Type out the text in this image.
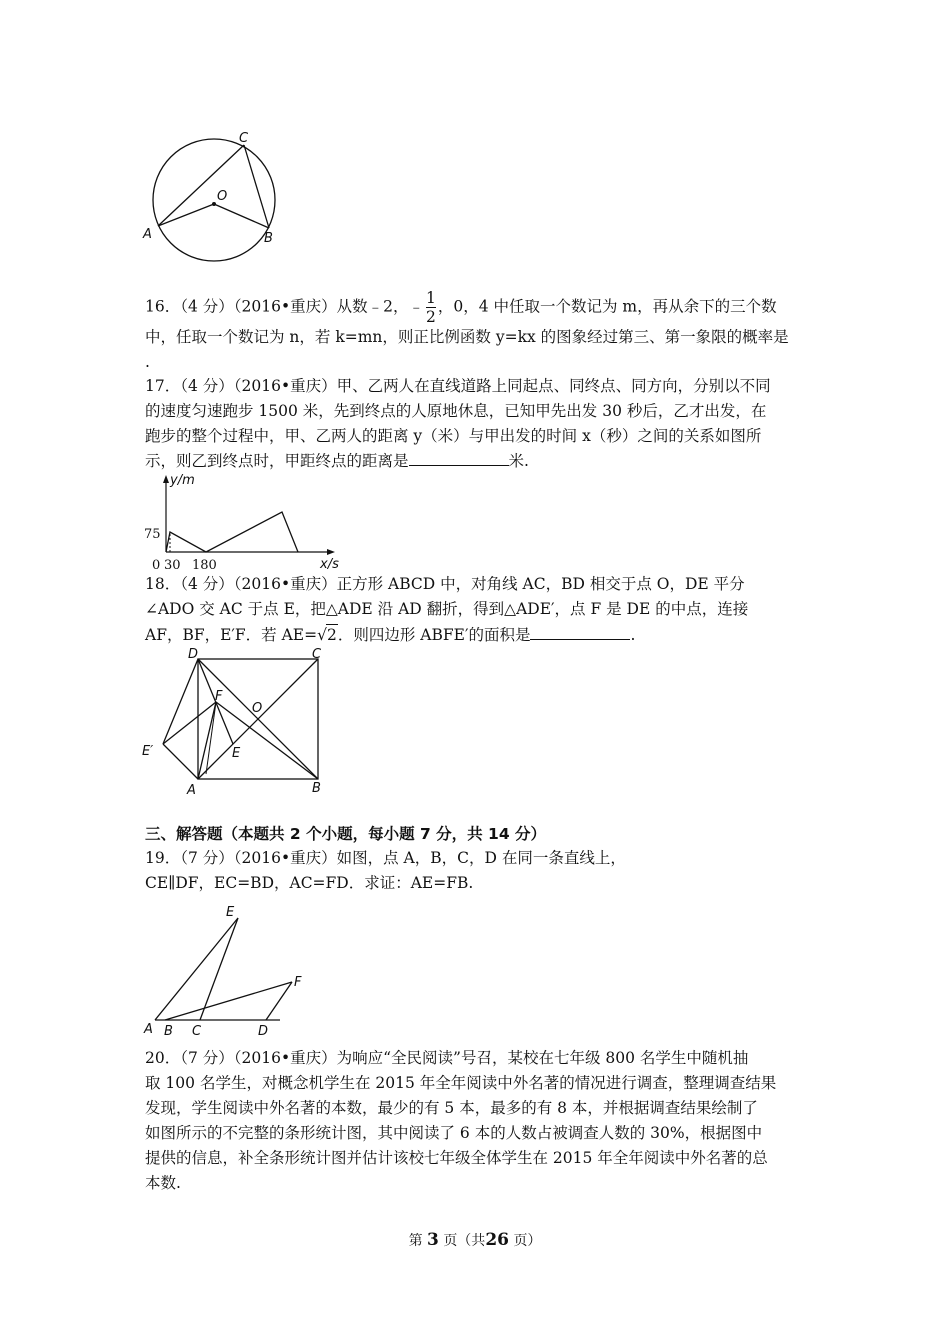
C
O
A	B
16．（4 分）（2016•重庆）从数﹣2，﹣ $\frac{1}{2}$ ，0，4 中任取一个数记为 m，再从余下的三个数
中，任取一个数记为 n，若 k=mn，则正比例函数 y=kx 的图象经过第三、第一象限的概率是
.
17．（4 分）（2016•重庆）甲、乙两人在直线道路上同起点、同终点、同方向，分别以不同
的速度匀速跑步 1500 米，先到终点的人原地休息，已知甲先出发 30 秒后，乙才出发，在
跑步的整个过程中，甲、乙两人的距离 y（米）与甲出发的时间 x（秒）之间的关系如图所
示，则乙到终点时，甲距终点的距离是	米.
y/m
x/s
75
0 30 180
18．（4 分）（2016•重庆）正方形 ABCD 中，对角线 AC，BD 相交于点 O，DE 平分
∠ADO 交 AC 于点 E，把△ADE 沿 AD 翻折，得到△ADE′，点 F 是 DE 的中点，连接
AF，BF，E′F．若 AE=√2．则四边形 ABFE′的面积是	.
D	C
F
O
E′	E
A	B
三、解答题（本题共 2 个小题，每小题 7 分，共 14 分）
19．（7 分）（2016•重庆）如图，点 A，B，C，D 在同一条直线上，
CE∥DF，EC=BD，AC=FD．求证：AE=FB.
E
F
A B C	D
20．（7 分）（2016•重庆）为响应“全民阅读”号召，某校在七年级 800 名学生中随机抽
取 100 名学生，对概念机学生在 2015 年全年阅读中外名著的情况进行调查，整理调查结果
发现，学生阅读中外名著的本数，最少的有 5 本，最多的有 8 本，并根据调查结果绘制了
如图所示的不完整的条形统计图，其中阅读了 6 本的人数占被调查人数的 30%，根据图中
提供的信息，补全条形统计图并估计该校七年级全体学生在 2015 年全年阅读中外名著的总
本数.
第 3 页（共26 页）
